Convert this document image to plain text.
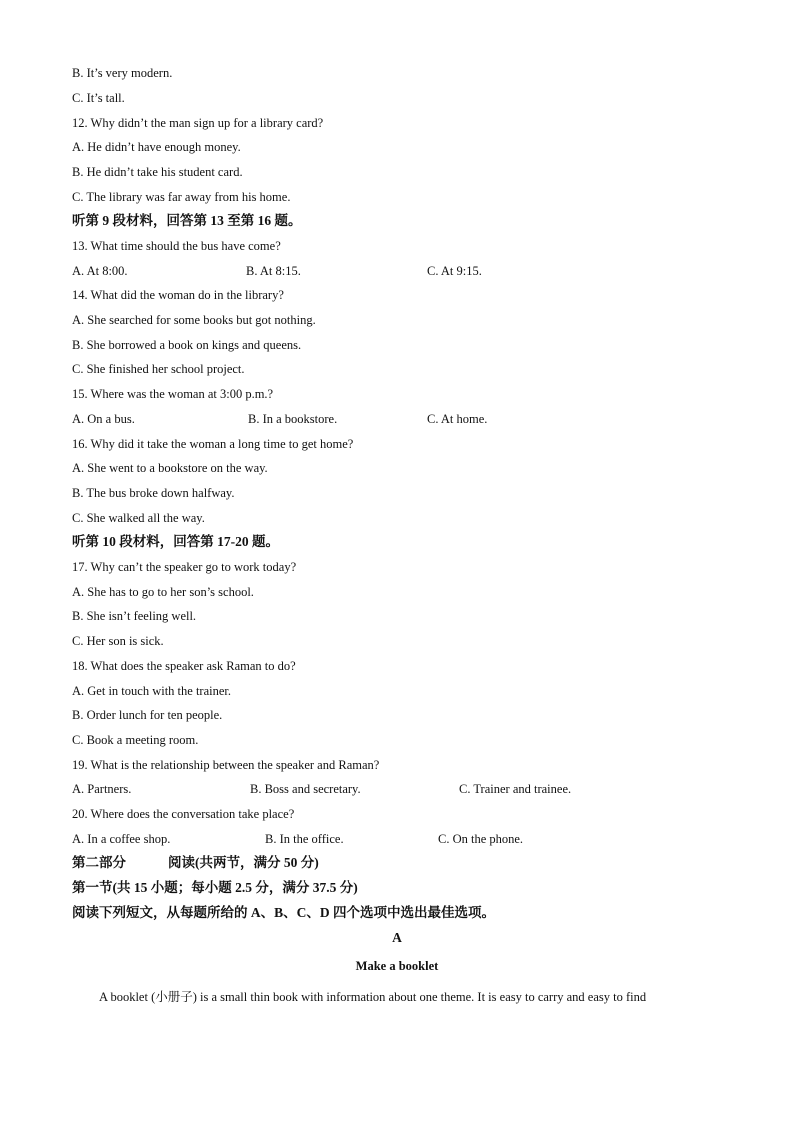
B. It’s very modern.
C. It’s tall.
12. Why didn’t the man sign up for a library card?
A. He didn’t have enough money.
B. He didn’t take his student card.
C. The library was far away from his home.
听第 9 段材料，回答第 13 至第 16 题。
13. What time should the bus have come?
A. At 8:00.	B. At 8:15.	C. At 9:15.
14. What did the woman do in the library?
A. She searched for some books but got nothing.
B. She borrowed a book on kings and queens.
C. She finished her school project.
15. Where was the woman at 3:00 p.m.?
A. On a bus.	B. In a bookstore.	C. At home.
16. Why did it take the woman a long time to get home?
A. She went to a bookstore on the way.
B. The bus broke down halfway.
C. She walked all the way.
听第 10 段材料，回答第 17-20 题。
17. Why can’t the speaker go to work today?
A. She has to go to her son’s school.
B. She isn’t feeling well.
C. Her son is sick.
18. What does the speaker ask Raman to do?
A. Get in touch with the trainer.
B. Order lunch for ten people.
C. Book a meeting room.
19. What is the relationship between the speaker and Raman?
A. Partners.	B. Boss and secretary.	C. Trainer and trainee.
20. Where does the conversation take place?
A. In a coffee shop.	B. In the office.	C. On the phone.
第二部分	阅读(共两节，满分 50 分)
第一节(共 15 小题；每小题 2.5 分，满分 37.5 分)
阅读下列短文，从每题所给的 A、B、C、D 四个选项中选出最佳选项。
A
Make a booklet
A booklet (小册子) is a small thin book with information about one theme. It is easy to carry and easy to find
